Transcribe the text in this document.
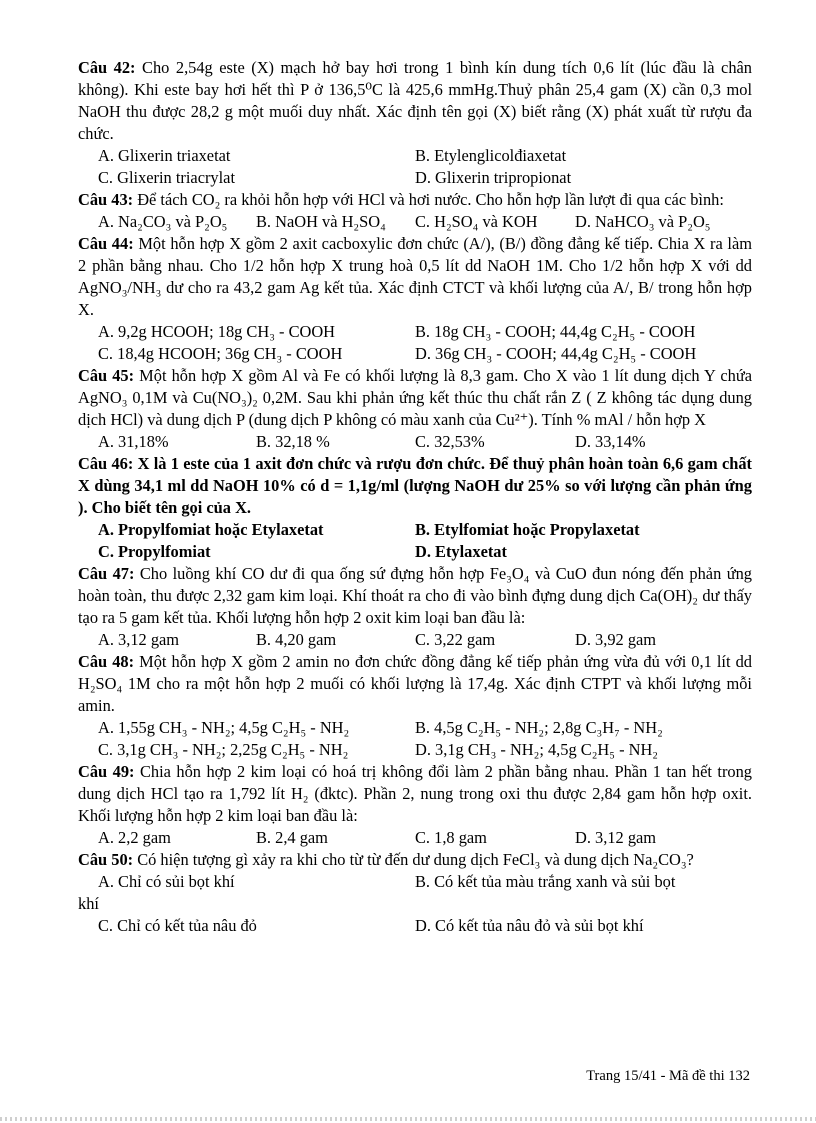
Câu 42: Cho 2,54g este (X) mạch hở bay hơi trong 1 bình kín dung tích 0,6 lít (lúc đầu là chân không). Khi este bay hơi hết thì P ở 136,5⁰C là 425,6 mmHg.Thuỷ phân 25,4 gam (X) cần 0,3 mol NaOH thu được 28,2 g một muối duy nhất. Xác định tên gọi (X) biết rằng (X) phát xuất từ rượu đa chức.

A. Glixerin triaxetat	B. Etylenglicolđiaxetat
C. Glixerin triacrylat	D. Glixerin tripropionat

Câu 43: Để tách CO₂ ra khỏi hỗn hợp với HCl và hơi nước. Cho hỗn hợp lần lượt đi qua các bình:

A. Na₂CO₃ và P₂O₅ B. NaOH và H₂SO₄ C. H₂SO₄ và KOH D. NaHCO₃ và P₂O₅

Câu 44: Một hỗn hợp X gồm 2 axit cacboxylic đơn chức (A/), (B/) đồng đẳng kế tiếp. Chia X ra làm 2 phần bằng nhau. Cho 1/2 hỗn hợp X trung hoà 0,5 lít dd NaOH 1M. Cho 1/2 hỗn hợp X với dd AgNO₃/NH₃ dư cho ra 43,2 gam Ag kết tủa. Xác định CTCT và khối lượng của A/, B/ trong hỗn hợp X.

A. 9,2g HCOOH; 18g CH₃ - COOH	B. 18g CH₃ - COOH; 44,4g C₂H₅ - COOH
C. 18,4g HCOOH; 36g CH₃ - COOH	D. 36g CH₃ - COOH; 44,4g C₂H₅ - COOH

Câu 45: Một hỗn hợp X gồm Al và Fe có khối lượng là 8,3 gam. Cho X vào 1 lít dung dịch Y chứa AgNO₃ 0,1M và Cu(NO₃)₂ 0,2M. Sau khi phản ứng kết thúc thu chất rắn Z ( Z không tác dụng dung dịch HCl) và dung dịch P (dung dịch P không có màu xanh của Cu²⁺). Tính % mAl / hỗn hợp X

A. 31,18%	B. 32,18 %	C. 32,53%	D. 33,14%

Câu 46: X là 1 este của 1 axit đơn chức và rượu đơn chức. Để thuỷ phân hoàn toàn 6,6 gam chất X dùng 34,1 ml dd NaOH 10% có d = 1,1g/ml (lượng NaOH dư 25% so với lượng cần phản ứng ). Cho biết tên gọi của X.

A. Propylfomiat hoặc Etylaxetat	B. Etylfomiat hoặc Propylaxetat
C. Propylfomiat	D. Etylaxetat

Câu 47: Cho luồng khí CO dư đi qua ống sứ đựng hỗn hợp Fe₃O₄ và CuO đun nóng đến phản ứng hoàn toàn, thu được 2,32 gam kim loại. Khí thoát ra cho đi vào bình đựng dung dịch Ca(OH)₂ dư thấy tạo ra 5 gam kết tủa. Khối lượng hỗn hợp 2 oxit kim loại ban đầu là:

A. 3,12 gam	B. 4,20 gam	C. 3,22 gam	D. 3,92 gam

Câu 48: Một hỗn hợp X gồm 2 amin no đơn chức đồng đẳng kế tiếp phản ứng vừa đủ với 0,1 lít dd H₂SO₄ 1M cho ra một hỗn hợp 2 muối có khối lượng là 17,4g. Xác định CTPT và khối lượng mỗi amin.

A. 1,55g CH₃ - NH₂; 4,5g C₂H₅ - NH₂	B. 4,5g C₂H₅ - NH₂; 2,8g C₃H₇ - NH₂
C. 3,1g CH₃ - NH₂; 2,25g C₂H₅ - NH₂	D. 3,1g CH₃ - NH₂; 4,5g C₂H₅ - NH₂

Câu 49: Chia hỗn hợp 2 kim loại có hoá trị không đổi làm 2 phần bằng nhau. Phần 1 tan hết trong dung dịch HCl tạo ra 1,792 lít H₂ (đktc). Phần 2, nung trong oxi thu được 2,84 gam hỗn hợp oxit. Khối lượng hỗn hợp 2 kim loại ban đầu là:

A. 2,2 gam	B. 2,4 gam	C. 1,8 gam	D. 3,12 gam

Câu 50: Có hiện tượng gì xảy ra khi cho từ từ đến dư dung dịch FeCl₃ và dung dịch Na₂CO₃?

A. Chỉ có sủi bọt khí	B. Có kết tủa màu trắng xanh và sủi bọt
khí
C. Chỉ có kết tủa nâu đỏ	D. Có kết tủa nâu đỏ và sủi bọt khí
Trang 15/41 - Mã đề thi 132
